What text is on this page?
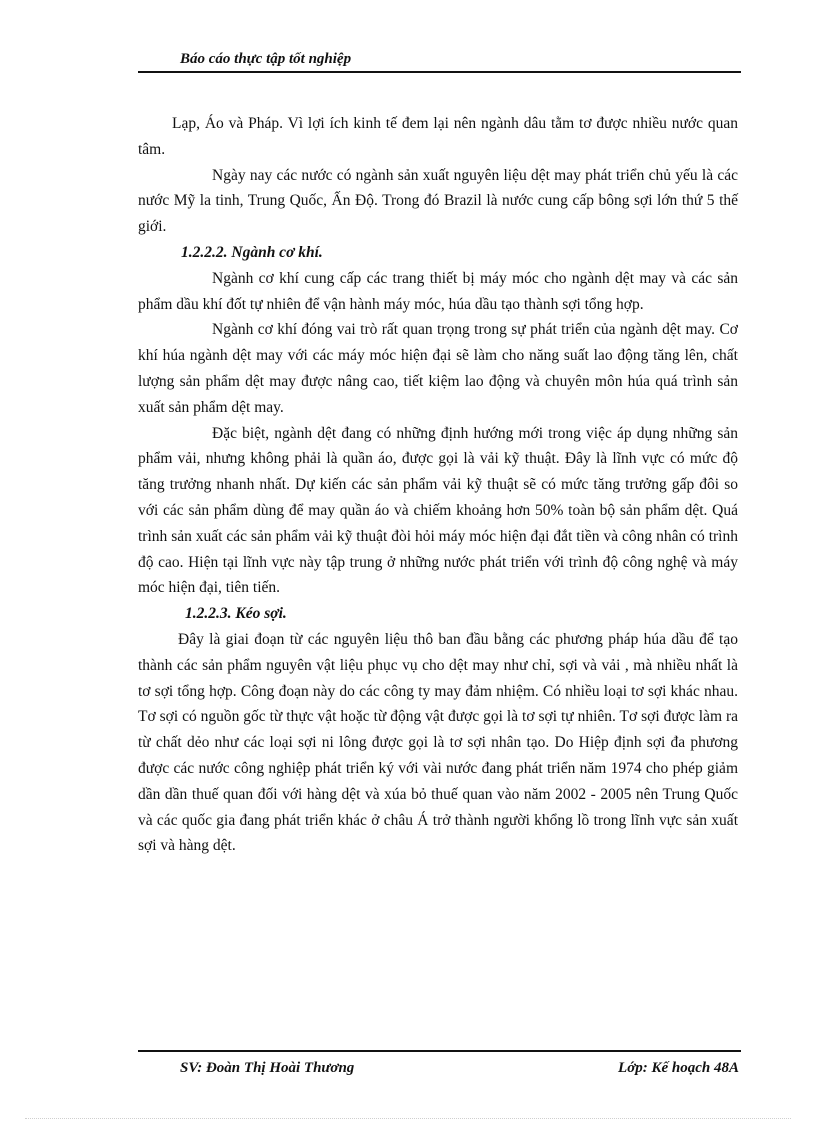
Báo cáo thực tập tốt nghiệp

Lạp, Áo và Pháp. Vì lợi ích kinh tế đem lại nên ngành dâu tằm tơ được nhiều nước quan tâm.

Ngày nay các nước có ngành sản xuất nguyên liệu dệt may phát triển chủ yếu là các nước Mỹ la tinh, Trung Quốc, Ấn Độ. Trong đó Brazil là nước cung cấp bông sợi lớn thứ 5 thế giới.

1.2.2.2. Ngành cơ khí.

Ngành cơ khí cung cấp các trang thiết bị máy móc cho ngành dệt may và các sản phẩm dầu khí đốt tự nhiên để vận hành máy móc, húa dầu tạo thành sợi tổng hợp.

Ngành cơ khí đóng vai trò rất quan trọng trong sự phát triển của ngành dệt may. Cơ khí húa ngành dệt may với các máy móc hiện đại sẽ làm cho năng suất lao động tăng lên, chất lượng sản phẩm dệt may được nâng cao, tiết kiệm lao động và chuyên môn húa quá trình sản xuất sản phẩm dệt may.

Đặc biệt, ngành dệt đang có những định hướng mới trong việc áp dụng những sản phẩm vải, nhưng không phải là quần áo, được gọi là vải kỹ thuật. Đây là lĩnh vực có mức độ tăng trưởng nhanh nhất. Dự kiến các sản phẩm vải kỹ thuật sẽ có mức tăng trưởng gấp đôi so với các sản phẩm dùng để may quần áo và chiếm khoảng hơn 50% toàn bộ sản phẩm dệt. Quá trình sản xuất các sản phẩm vải kỹ thuật đòi hỏi máy móc hiện đại đắt tiền và công nhân có trình độ cao. Hiện tại lĩnh vực này tập trung ở những nước phát triển với trình độ công nghệ và máy móc hiện đại, tiên tiến.

1.2.2.3. Kéo sợi.

Đây là giai đoạn từ các nguyên liệu thô ban đầu bằng các phương pháp húa dầu để tạo thành các sản phẩm nguyên vật liệu phục vụ cho dệt may như chỉ, sợi và vải , mà nhiều nhất là tơ sợi tổng hợp. Công đoạn này do các công ty may đảm nhiệm. Có nhiều loại tơ sợi khác nhau. Tơ sợi có nguồn gốc từ thực vật hoặc từ động vật được gọi là tơ sợi tự nhiên. Tơ sợi được làm ra từ chất dẻo như các loại sợi ni lông được gọi là tơ sợi nhân tạo. Do Hiệp định sợi đa phương được các nước công nghiệp phát triển ký với vài nước đang phát triển năm 1974 cho phép giảm dần dần thuế quan đối với hàng dệt và xúa bỏ thuế quan vào năm 2002 - 2005 nên Trung Quốc và các quốc gia đang phát triển khác ở châu Á trở thành người khổng lồ trong lĩnh vực sản xuất sợi và hàng dệt.

SV: Đoàn Thị Hoài Thương	Lớp: Kế hoạch 48A
